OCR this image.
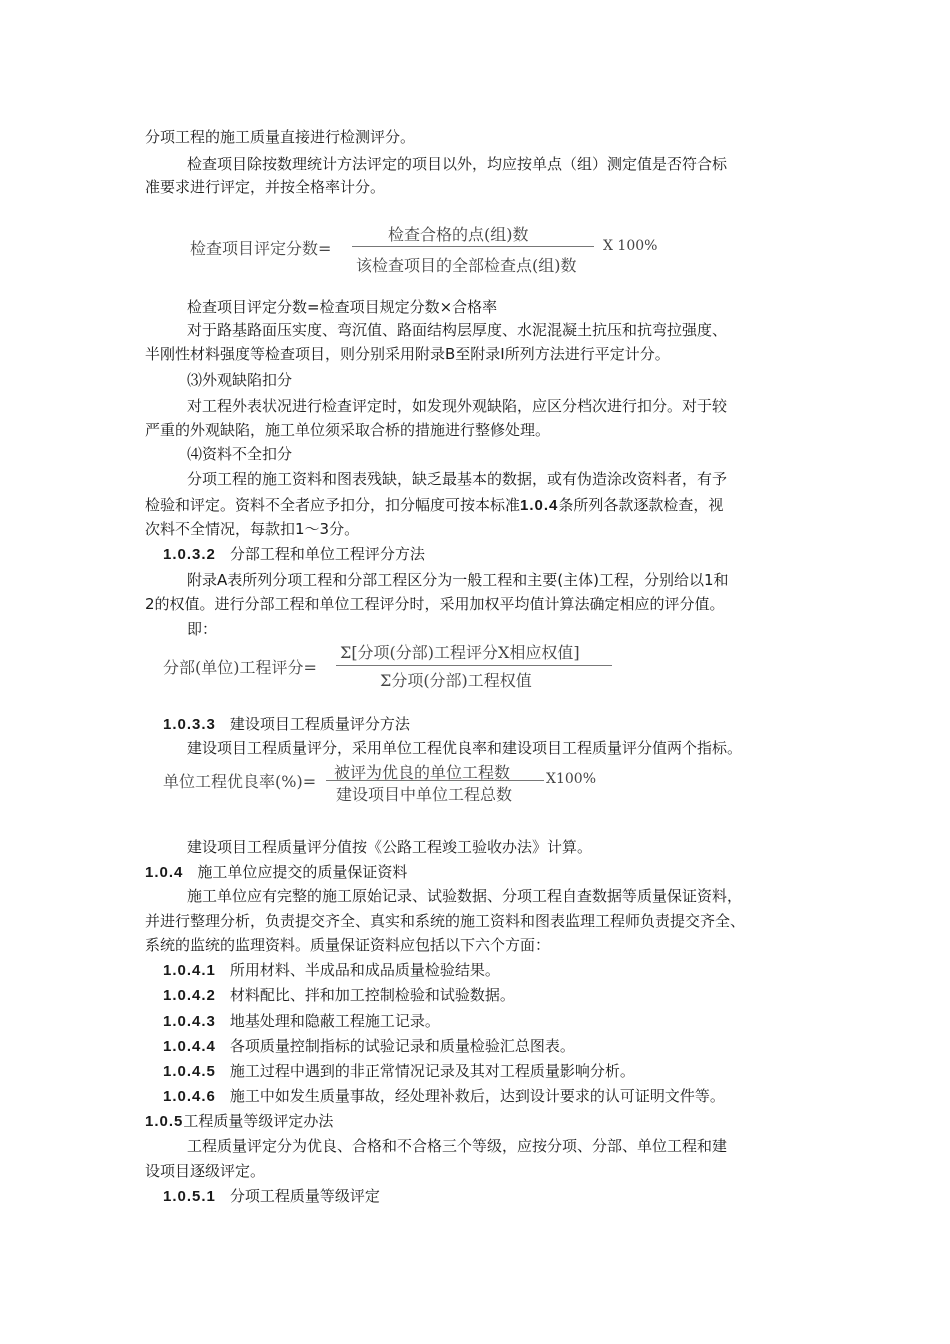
分项工程的施工质量直接进行检测评分。
检查项目除按数理统计方法评定的项目以外，均应按单点（组）测定值是否符合标
准要求进行评定，并按全格率计分。
检查项目评定分数=
检查合格的点(组)数
该检查项目的全部检查点(组)数
X 100%
检查项目评定分数=检查项目规定分数×合格率
对于路基路面压实度、弯沉值、路面结构层厚度、水泥混凝土抗压和抗弯拉强度、
半刚性材料强度等检查项目，则分别采用附录B至附录Ⅰ所列方法进行平定计分。
⑶外观缺陷扣分
对工程外表状况进行检查评定时，如发现外观缺陷，应区分档次进行扣分。对于较
严重的外观缺陷，施工单位须采取合桥的措施进行整修处理。
⑷资料不全扣分
分项工程的施工资料和图表残缺，缺乏最基本的数据，或有伪造涂改资料者，有予
检验和评定。资料不全者应予扣分，扣分幅度可按本标准1.0.4条所列各款逐款检查，视
次料不全情况，每款扣1～3分。
1.0.3.2 分部工程和单位工程评分方法
附录A表所列分项工程和分部工程区分为一般工程和主要(主体)工程，分别给以1和
2的权值。进行分部工程和单位工程评分时，采用加权平均值计算法确定相应的评分值。
即：
分部(单位)工程评分=
Σ[分项(分部)工程评分X相应权值]
Σ分项(分部)工程权值
1.0.3.3 建设项目工程质量评分方法
建设项目工程质量评分，采用单位工程优良率和建设项目工程质量评分值两个指标。
单位工程优良率(%)= 被评为优良的单位工程数
建设项目中单位工程总数
X100%
建设项目工程质量评分值按《公路工程竣工验收办法》计算。
1.0.4 施工单位应提交的质量保证资料
施工单位应有完整的施工原始记录、试验数据、分项工程自查数据等质量保证资料，
并进行整理分析，负责提交齐全、真实和系统的施工资料和图表监理工程师负责提交齐全、
系统的监统的监理资料。质量保证资料应包括以下六个方面：
1.0.4.1 所用材料、半成品和成品质量检验结果。
1.0.4.2 材料配比、拌和加工控制检验和试验数据。
1.0.4.3 地基处理和隐蔽工程施工记录。
1.0.4.4 各项质量控制指标的试验记录和质量检验汇总图表。
1.0.4.5 施工过程中遇到的非正常情况记录及其对工程质量影响分析。
1.0.4.6 施工中如发生质量事故，经处理补救后，达到设计要求的认可证明文件等。
1.0.5工程质量等级评定办法
工程质量评定分为优良、合格和不合格三个等级，应按分项、分部、单位工程和建
设项目逐级评定。
1.0.5.1 分项工程质量等级评定
